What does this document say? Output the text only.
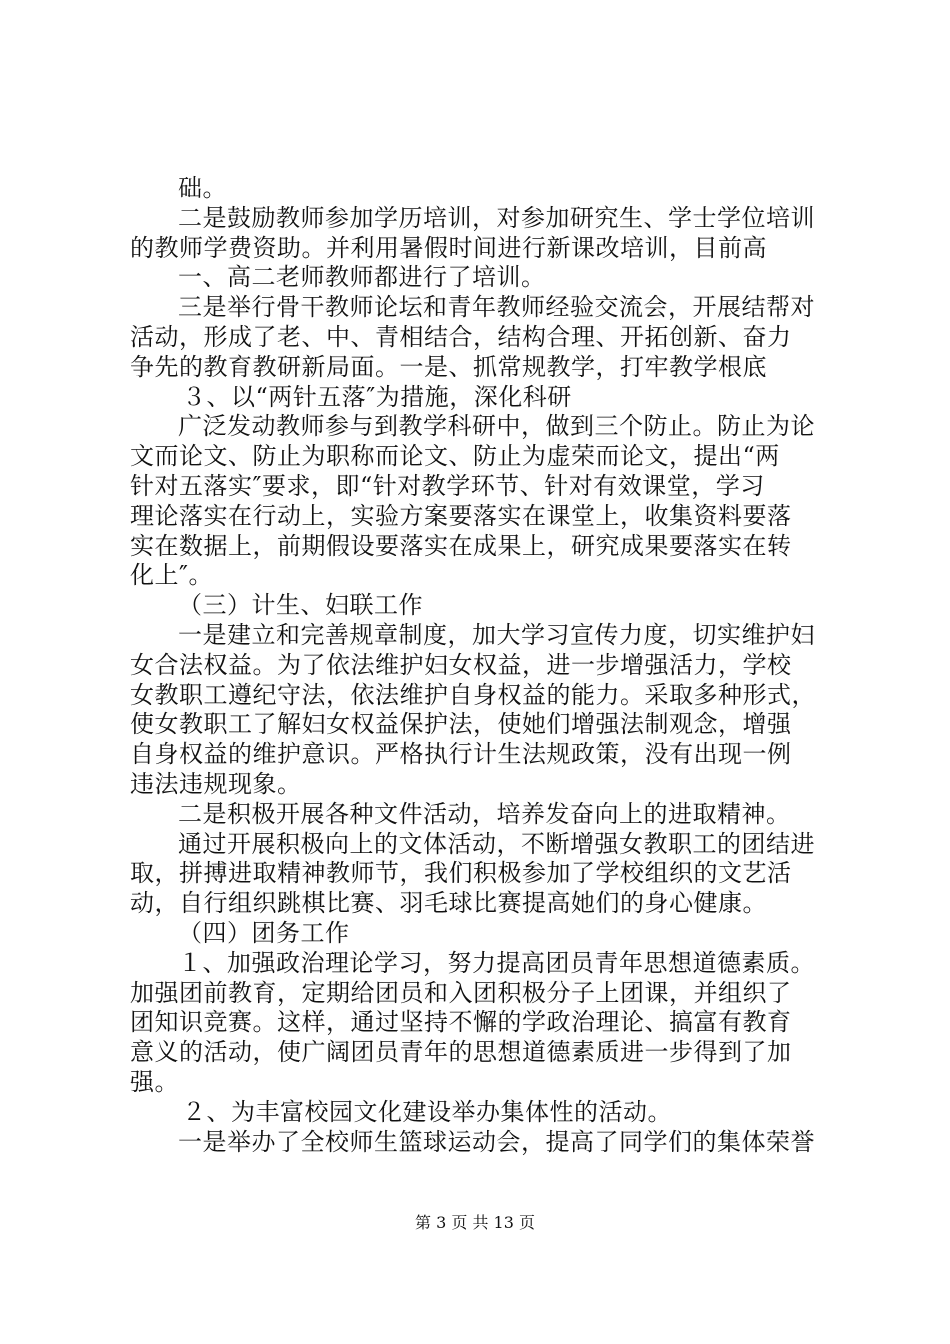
础。
二是鼓励教师参加学历培训，对参加研究生、学士学位培训
的教师学费资助。并利用暑假时间进行新课改培训，目前高
一、高二老师教师都进行了培训。
三是举行骨干教师论坛和青年教师经验交流会，开展结帮对
活动，形成了老、中、青相结合，结构合理、开拓创新、奋力
争先的教育教研新局面。一是、抓常规教学，打牢教学根底
３、以“两针五落″为措施，深化科研
广泛发动教师参与到教学科研中，做到三个防止。防止为论
文而论文、防止为职称而论文、防止为虚荣而论文，提出“两
针对五落实″要求，即“针对教学环节、针对有效课堂，学习
理论落实在行动上，实验方案要落实在课堂上，收集资料要落
实在数据上，前期假设要落实在成果上，研究成果要落实在转
化上″。
（三）计生、妇联工作
一是建立和完善规章制度，加大学习宣传力度，切实维护妇
女合法权益。为了依法维护妇女权益，进一步增强活力，学校
女教职工遵纪守法，依法维护自身权益的能力。采取多种形式，
使女教职工了解妇女权益保护法，使她们增强法制观念，增强
自身权益的维护意识。严格执行计生法规政策，没有出现一例
违法违规现象。
二是积极开展各种文件活动，培养发奋向上的进取精神。
通过开展积极向上的文体活动，不断增强女教职工的团结进
取，拼搏进取精神教师节，我们积极参加了学校组织的文艺活
动，自行组织跳棋比赛、羽毛球比赛提高她们的身心健康。
（四）团务工作
１、加强政治理论学习，努力提高团员青年思想道德素质。
加强团前教育，定期给团员和入团积极分子上团课，并组织了
团知识竞赛。这样，通过坚持不懈的学政治理论、搞富有教育
意义的活动，使广阔团员青年的思想道德素质进一步得到了加
强。
２、为丰富校园文化建设举办集体性的活动。
一是举办了全校师生篮球运动会，提高了同学们的集体荣誉
第 3 页 共 13 页
